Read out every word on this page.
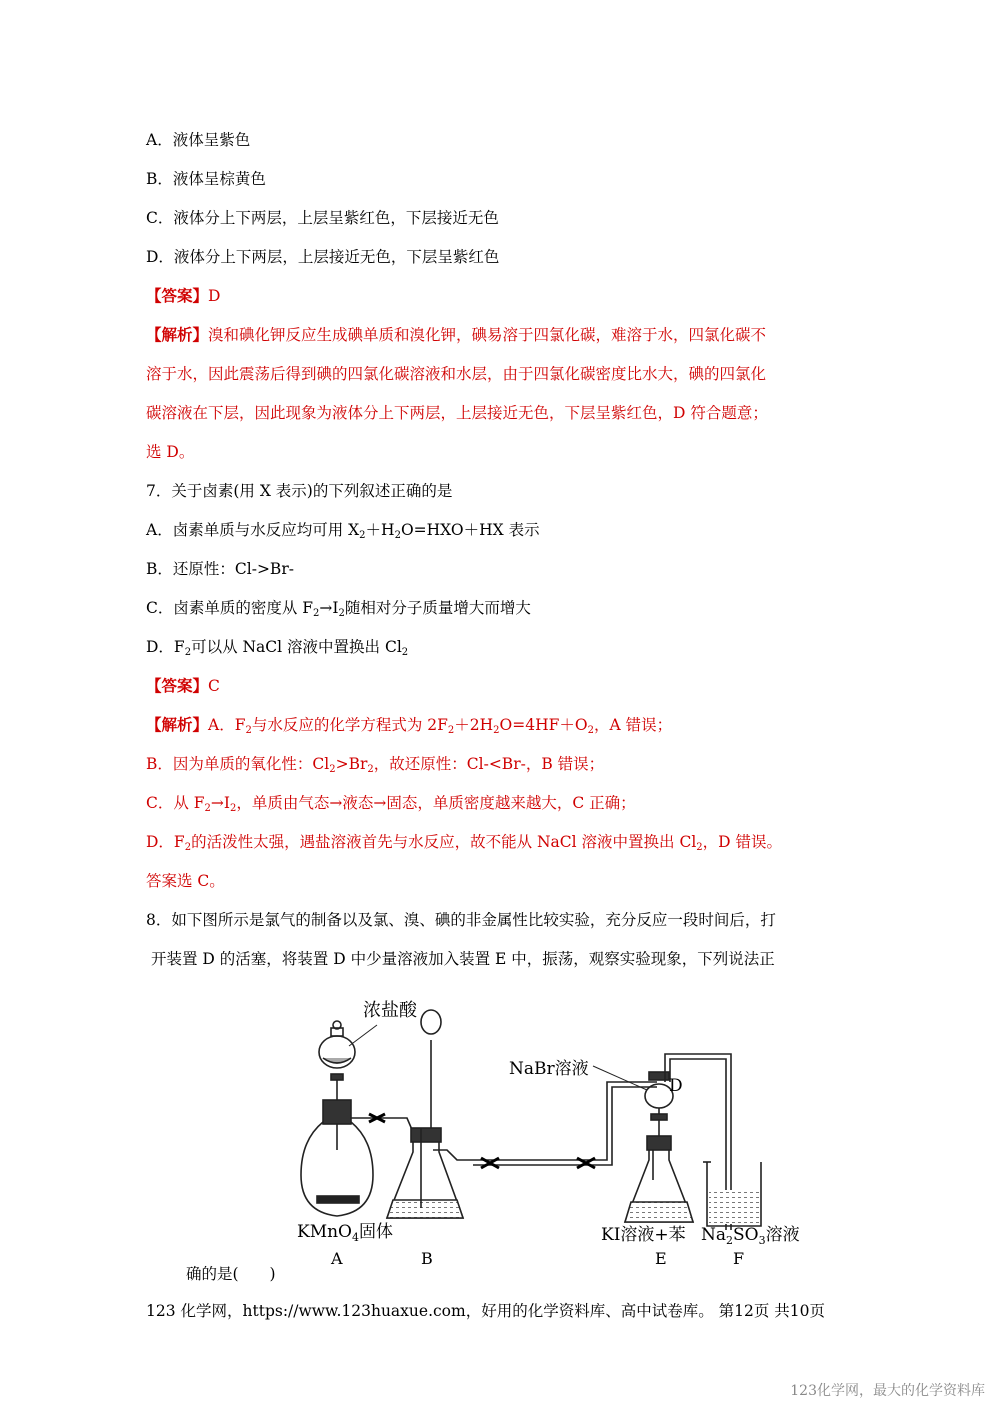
A．液体呈紫色
B．液体呈棕黄色
C．液体分上下两层，上层呈紫红色，下层接近无色
D．液体分上下两层，上层接近无色，下层呈紫红色
【答案】D
【解析】溴和碘化钾反应生成碘单质和溴化钾，碘易溶于四氯化碳，难溶于水，四氯化碳不
溶于水，因此震荡后得到碘的四氯化碳溶液和水层，由于四氯化碳密度比水大，碘的四氯化
碳溶液在下层，因此现象为液体分上下两层，上层接近无色，下层呈紫红色，D 符合题意；
选 D。
7．关于卤素(用 X 表示)的下列叙述正确的是
A．卤素单质与水反应均可用 $X_2+H_2O=HXO+HX$ 表示
B．还原性：Cl->Br-
C．卤素单质的密度从 $F_2\to I_2$随相对分子质量增大而增大
D．$F_2$可以从 NaCl 溶液中置换出 $Cl_2$
【答案】C
【解析】A．$F_2$与水反应的化学方程式为 $2F_2+2H_2O=4HF+O_2$，A 错误；
B．因为单质的氧化性：$Cl_2>Br_2$，故还原性：Cl-<Br-，B 错误；
C．从 $F_2\to I_2$，单质由气态→液态→固态，单质密度越来越大，C 正确；
D．$F_2$的活泼性太强，遇盐溶液首先与水反应，故不能从 NaCl 溶液中置换出 $Cl_2$，D 错误。
答案选 C。
8．如下图所示是氯气的制备以及氯、溴、碘的非金属性比较实验，充分反应一段时间后，打
开装置 D 的活塞，将装置 D 中少量溶液加入装置 E 中，振荡，观察实验现象，下列说法正
浓盐酸
NaBr溶液
D
KMnO$_4$固体	KI溶液+苯 $Na_2SO_3$溶液
A	B	E	F
确的是(　　)
123 化学网，https://www.123huaxue.com，好用的化学资料库、高中试卷库。 第12页 共10页
123化学网，最大的化学资料库
